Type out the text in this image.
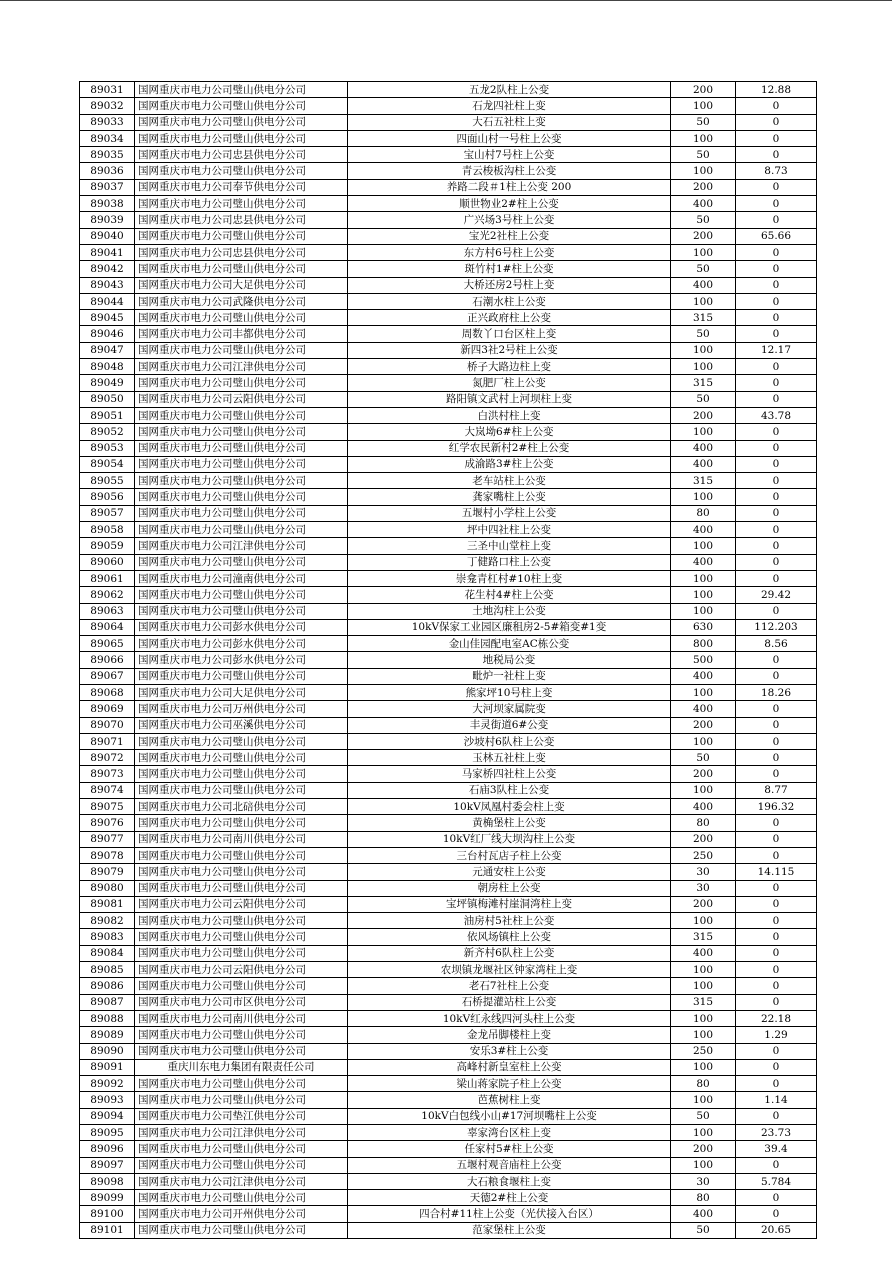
89031	国网重庆市电力公司璧山供电分公司	五龙2队柱上公变	200	12.88
89032	国网重庆市电力公司璧山供电分公司	石龙四社柱上变	100	0
89033	国网重庆市电力公司璧山供电分公司	大石五社柱上变	50	0
89034	国网重庆市电力公司璧山供电分公司	四面山村一号柱上公变	100	0
89035	国网重庆市电力公司忠县供电分公司	宝山村7号柱上公变	50	0
89036	国网重庆市电力公司璧山供电分公司	青云梭板沟柱上公变	100	8.73
89037	国网重庆市电力公司奉节供电分公司	养路二段＃1柱上公变 200	200	0
89038	国网重庆市电力公司璧山供电分公司	顺世物业2#柱上公变	400	0
89039	国网重庆市电力公司忠县供电分公司	广兴场3号柱上公变	50	0
89040	国网重庆市电力公司璧山供电分公司	宝光2社柱上公变	200	65.66
89041	国网重庆市电力公司忠县供电分公司	东方村6号柱上公变	100	0
89042	国网重庆市电力公司璧山供电分公司	斑竹村1#柱上公变	50	0
89043	国网重庆市电力公司大足供电分公司	大桥还房2号柱上变	400	0
89044	国网重庆市电力公司武隆供电分公司	石潮水柱上公变	100	0
89045	国网重庆市电力公司璧山供电分公司	正兴政府柱上公变	315	0
89046	国网重庆市电力公司丰都供电分公司	周数丫口台区柱上变	50	0
89047	国网重庆市电力公司璧山供电分公司	新四3社2号柱上公变	100	12.17
89048	国网重庆市电力公司江津供电分公司	桥子大路边柱上变	100	0
89049	国网重庆市电力公司璧山供电分公司	氮肥厂柱上公变	315	0
89050	国网重庆市电力公司云阳供电分公司	路阳镇文武村上河坝柱上变	50	0
89051	国网重庆市电力公司璧山供电分公司	白洪村柱上变	200	43.78
89052	国网重庆市电力公司璧山供电分公司	大岚坳6#柱上公变	100	0
89053	国网重庆市电力公司璧山供电分公司	红学农民新村2#柱上公变	400	0
89054	国网重庆市电力公司璧山供电分公司	成渝路3#柱上公变	400	0
89055	国网重庆市电力公司璧山供电分公司	老车站柱上公变	315	0
89056	国网重庆市电力公司璧山供电分公司	龚家嘴柱上公变	100	0
89057	国网重庆市电力公司璧山供电分公司	五堰村小学柱上公变	80	0
89058	国网重庆市电力公司璧山供电分公司	坪中四社柱上公变	400	0
89059	国网重庆市电力公司江津供电分公司	三圣中山堂柱上变	100	0
89060	国网重庆市电力公司璧山供电分公司	丁健路口柱上公变	400	0
89061	国网重庆市电力公司潼南供电分公司	崇龛青杠村#10柱上变	100	0
89062	国网重庆市电力公司璧山供电分公司	花生村4#柱上公变	100	29.42
89063	国网重庆市电力公司璧山供电分公司	土地沟柱上公变	100	0
89064	国网重庆市电力公司彭水供电分公司	10kV保家工业园区廉租房2-5#箱变#1变	630	112.203
89065	国网重庆市电力公司彭水供电分公司	金山佳园配电室AC栋公变	800	8.56
89066	国网重庆市电力公司彭水供电分公司	地税局公变	500	0
89067	国网重庆市电力公司璧山供电分公司	毗炉一社柱上变	400	0
89068	国网重庆市电力公司大足供电分公司	熊家坪10号柱上变	100	18.26
89069	国网重庆市电力公司万州供电分公司	大河坝家属院变	400	0
89070	国网重庆市电力公司巫溪供电分公司	丰灵街道6#公变	200	0
89071	国网重庆市电力公司璧山供电分公司	沙坡村6队柱上公变	100	0
89072	国网重庆市电力公司璧山供电分公司	玉林五社柱上变	50	0
89073	国网重庆市电力公司璧山供电分公司	马家桥四社柱上公变	200	0
89074	国网重庆市电力公司璧山供电分公司	石庙3队柱上公变	100	8.77
89075	国网重庆市电力公司北碚供电分公司	10kV凤凰村委会柱上变	400	196.32
89076	国网重庆市电力公司璧山供电分公司	黄桷堡柱上公变	80	0
89077	国网重庆市电力公司南川供电分公司	10kV红厂线大坝沟柱上公变	200	0
89078	国网重庆市电力公司璧山供电分公司	三台村瓦店子柱上公变	250	0
89079	国网重庆市电力公司璧山供电分公司	元通安柱上公变	30	14.115
89080	国网重庆市电力公司璧山供电分公司	朝房柱上公变	30	0
89081	国网重庆市电力公司云阳供电分公司	宝坪镇梅滩村崖洞湾柱上变	200	0
89082	国网重庆市电力公司璧山供电分公司	油房村5社柱上公变	100	0
89083	国网重庆市电力公司璧山供电分公司	依风场镇柱上公变	315	0
89084	国网重庆市电力公司璧山供电分公司	新齐村6队柱上公变	400	0
89085	国网重庆市电力公司云阳供电分公司	农坝镇龙堰社区钟家湾柱上变	100	0
89086	国网重庆市电力公司璧山供电分公司	老石7社柱上公变	100	0
89087	国网重庆市电力公司市区供电分公司	石桥提灌站柱上公变	315	0
89088	国网重庆市电力公司南川供电分公司	10kV红永线四河头柱上公变	100	22.18
89089	国网重庆市电力公司璧山供电分公司	金龙吊脚楼柱上变	100	1.29
89090	国网重庆市电力公司璧山供电分公司	安乐3#柱上公变	250	0
89091	重庆川东电力集团有限责任公司	高峰村新皇室柱上公变	100	0
89092	国网重庆市电力公司璧山供电分公司	梁山蒋家院子柱上公变	80	0
89093	国网重庆市电力公司璧山供电分公司	芭蕉树柱上变	100	1.14
89094	国网重庆市电力公司垫江供电分公司	10kV白包线小山#17河坝嘴柱上公变	50	0
89095	国网重庆市电力公司江津供电分公司	辜家湾台区柱上变	100	23.73
89096	国网重庆市电力公司璧山供电分公司	任家村5#柱上公变	200	39.4
89097	国网重庆市电力公司璧山供电分公司	五堰村观音庙柱上公变	100	0
89098	国网重庆市电力公司江津供电分公司	大石粮食堰柱上变	30	5.784
89099	国网重庆市电力公司璧山供电分公司	天德2#柱上公变	80	0
89100	国网重庆市电力公司开州供电分公司	四合村#11柱上公变（光伏接入台区）	400	0
89101	国网重庆市电力公司璧山供电分公司	范家堡柱上公变	50	20.65
